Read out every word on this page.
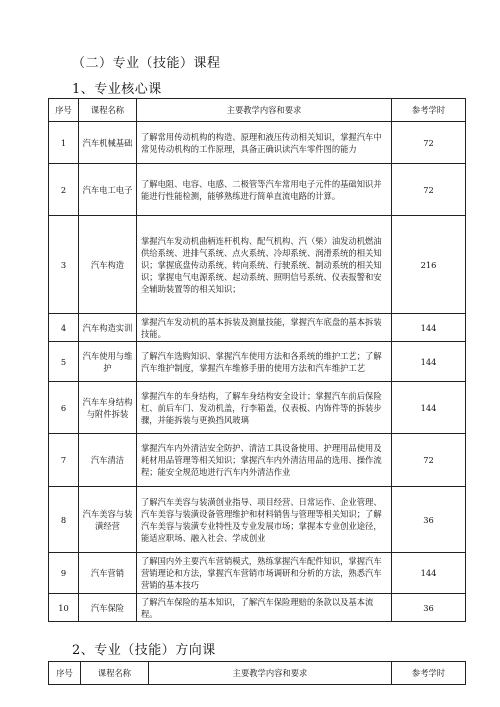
（二）专业（技能）课程
1、专业核心课
序号	课程名称	主要教学内容和要求	参考学时
1	汽车机械基础	了解常用传动机构的构造、原理和液压传动相关知识，掌握汽车中常见传动机构的工作原理，具备正确识读汽车零件图的能力	72
2	汽车电工电子	了解电阻、电容、电感、二极管等汽车常用电子元件的基础知识并能进行性能检测，能够熟练进行简单直流电路的计算。	72
3	汽车构造	掌握汽车发动机曲柄连杆机构、配气机构、汽（柴）油发动机燃油供给系统、进排气系统、点火系统、冷却系统、润滑系统的相关知识；掌握底盘传动系统、转向系统、行驶系统、制动系统的相关知识；掌握电气电源系统、起动系统、照明信号系统、仪表报警和安全辅助装置等的相关知识；	216
4	汽车构造实训	掌握汽车发动机的基本拆装及测量技能，掌握汽车底盘的基本拆装技能。	144
5	汽车使用与维护	了解汽车选购知识、掌握汽车使用方法和各系统的维护工艺；了解汽车维护制度，掌握汽车维修手册的使用方法和汽车维护工艺	144
6	汽车车身结构与附件拆装	掌握汽车的车身结构，了解车身结构安全设计；掌握汽车前后保险杠、前后车门、发动机盖，行李箱盖，仪表板、内饰件等的拆装步骤，并能拆装与更换挡风玻璃	144
7	汽车清洁	掌握汽车内外清洁安全防护、清洁工具设备使用、护理用品使用及耗材用品管理等相关知识；掌握汽车内外清洁用品的选用、操作流程；能安全规范地进行汽车内外清洁作业	72
8	汽车美容与装潢经营	了解汽车美容与装潢创业指导、项目经营、日常运作、企业管理、汽车美容与装潢设备管理维护和材料销售与管理等相关知识；了解汽车美容与装潢专业特性及专业发展市场；掌握本专业创业途径，能适应职场、融入社会、学成创业	36
9	汽车营销	了解国内外主要汽车营销模式，熟练掌握汽车配件知识，掌握汽车营销理论和方法，掌握汽车营销市场调研和分析的方法，熟悉汽车营销的基本技巧	144
10	汽车保险	了解汽车保险的基本知识，了解汽车保险理赔的条款以及基本流程。	36
2、专业（技能）方向课
序号	课程名称	主要教学内容和要求	参考学时
